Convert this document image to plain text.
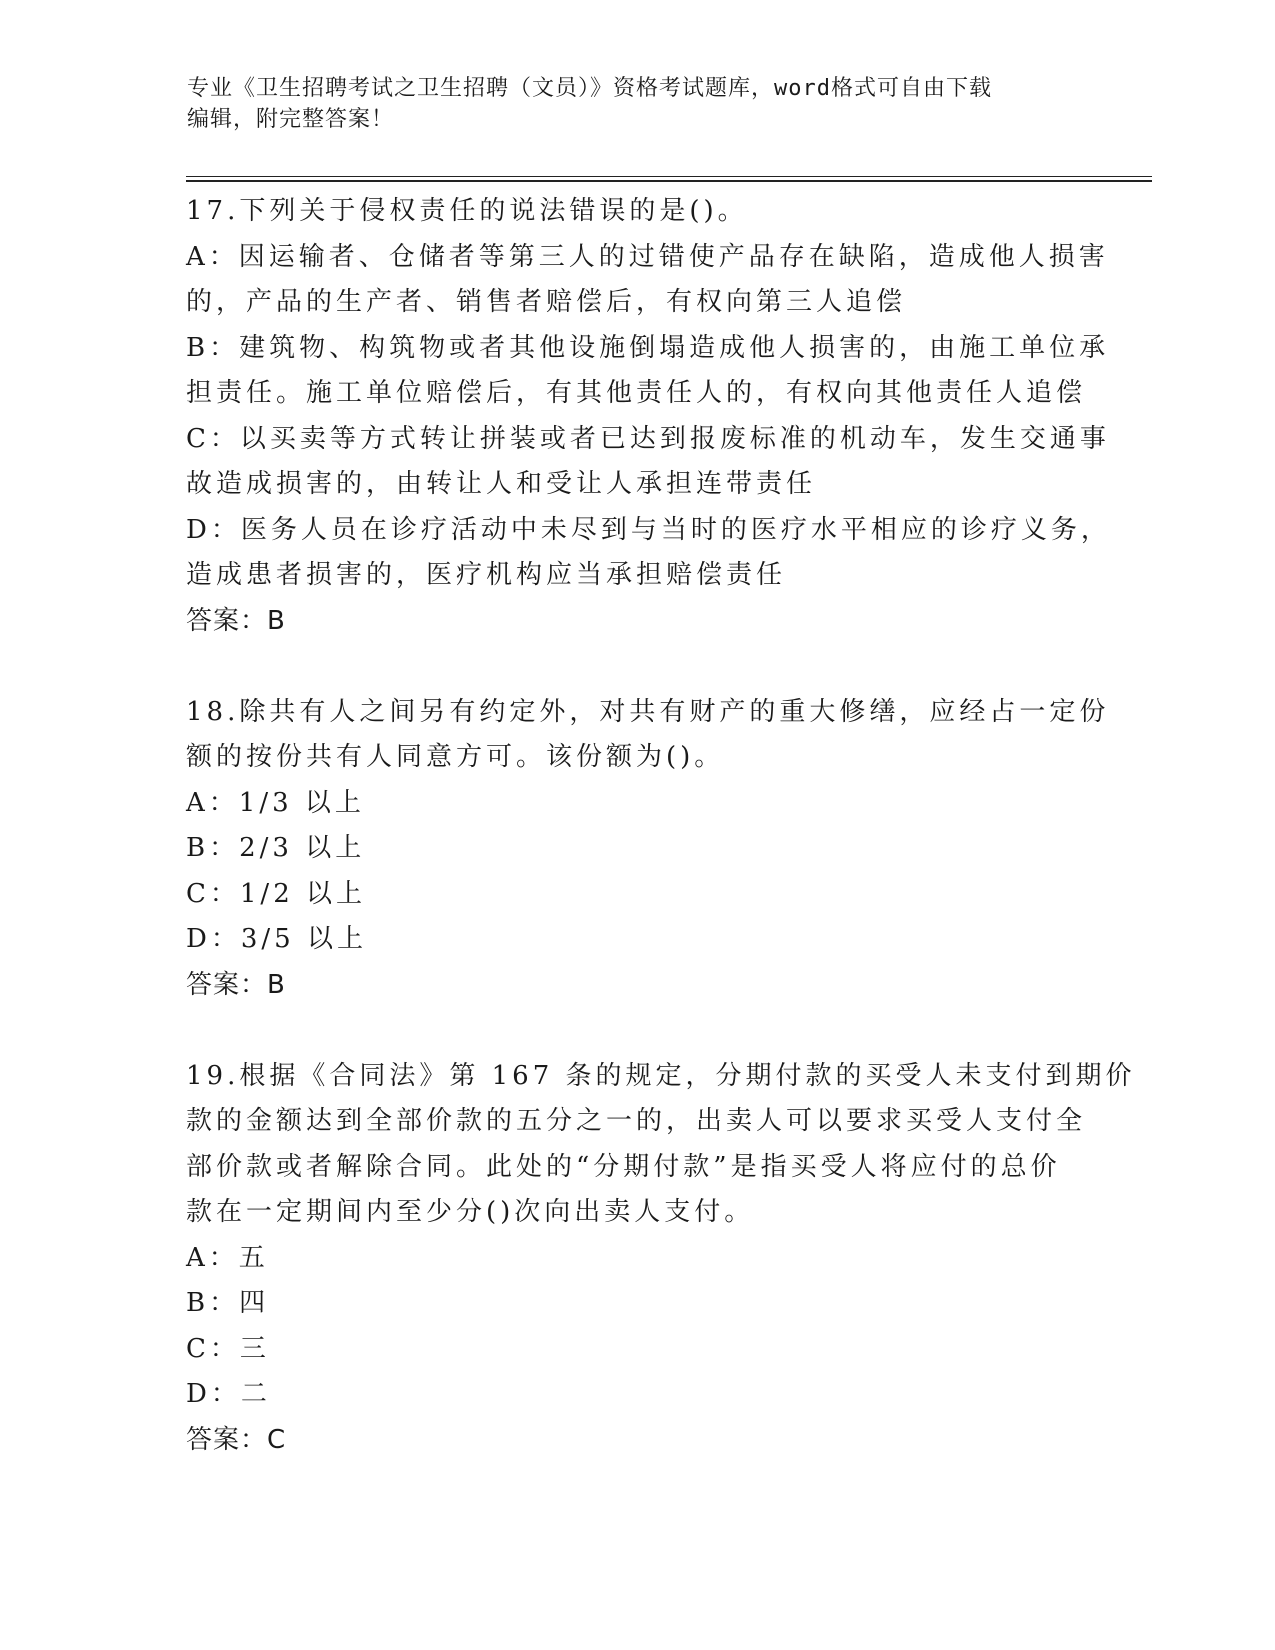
专业《卫生招聘考试之卫生招聘（文员）》资格考试题库，word格式可自由下载
编辑，附完整答案！
17.下列关于侵权责任的说法错误的是()。
A：因运输者、仓储者等第三人的过错使产品存在缺陷，造成他人损害
的，产品的生产者、销售者赔偿后，有权向第三人追偿
B：建筑物、构筑物或者其他设施倒塌造成他人损害的，由施工单位承
担责任。施工单位赔偿后，有其他责任人的，有权向其他责任人追偿
C：以买卖等方式转让拼装或者已达到报废标准的机动车，发生交通事
故造成损害的，由转让人和受让人承担连带责任
D：医务人员在诊疗活动中未尽到与当时的医疗水平相应的诊疗义务，
造成患者损害的，医疗机构应当承担赔偿责任
答案：B
18.除共有人之间另有约定外，对共有财产的重大修缮，应经占一定份
额的按份共有人同意方可。该份额为()。
A：1/3 以上
B：2/3 以上
C：1/2 以上
D：3/5 以上
答案：B
19.根据《合同法》第 167 条的规定，分期付款的买受人未支付到期价
款的金额达到全部价款的五分之一的，出卖人可以要求买受人支付全
部价款或者解除合同。此处的“分期付款”是指买受人将应付的总价
款在一定期间内至少分()次向出卖人支付。
A：五
B：四
C：三
D：二
答案：C
